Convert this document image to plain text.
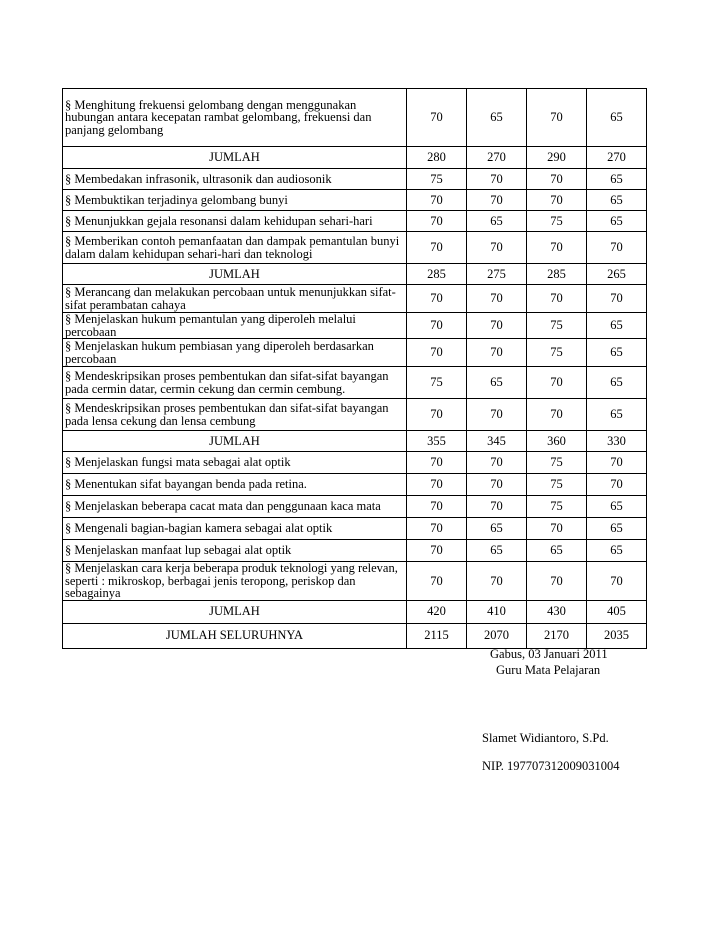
§ Menghitung frekuensi gelombang dengan menggunakan hubungan antara kecepatan rambat gelombang, frekuensi dan panjang gelombang	70	65	70	65
JUMLAH	280	270	290	270
§ Membedakan infrasonik, ultrasonik dan audiosonik	75	70	70	65
§ Membuktikan terjadinya gelombang bunyi	70	70	70	65
§ Menunjukkan gejala resonansi dalam kehidupan sehari-hari	70	65	75	65
§ Memberikan contoh pemanfaatan dan dampak pemantulan bunyi dalam dalam kehidupan sehari-hari dan teknologi	70	70	70	70
JUMLAH	285	275	285	265
§ Merancang dan melakukan percobaan untuk menunjukkan sifat-sifat perambatan cahaya	70	70	70	70
§ Menjelaskan hukum pemantulan yang diperoleh melalui percobaan	70	70	75	65
§ Menjelaskan hukum pembiasan yang diperoleh berdasarkan percobaan	70	70	75	65
§ Mendeskripsikan proses pembentukan dan sifat-sifat bayangan pada cermin datar, cermin cekung dan cermin cembung.	75	65	70	65
§ Mendeskripsikan proses pembentukan dan sifat-sifat bayangan pada lensa cekung dan lensa cembung	70	70	70	65
JUMLAH	355	345	360	330
§ Menjelaskan fungsi mata sebagai alat optik	70	70	75	70
§ Menentukan sifat bayangan benda pada retina.	70	70	75	70
§ Menjelaskan beberapa cacat mata dan penggunaan kaca mata	70	70	75	65
§ Mengenali bagian-bagian kamera sebagai alat optik	70	65	70	65
§ Menjelaskan manfaat lup sebagai alat optik	70	65	65	65
§ Menjelaskan cara kerja beberapa produk teknologi yang relevan, seperti : mikroskop, berbagai jenis teropong, periskop dan sebagainya	70	70	70	70
JUMLAH	420	410	430	405
JUMLAH SELURUHNYA	2115	2070	2170	2035
Gabus, 03 Januari 2011
Guru Mata Pelajaran
Slamet Widiantoro, S.Pd.
NIP. 197707312009031004
